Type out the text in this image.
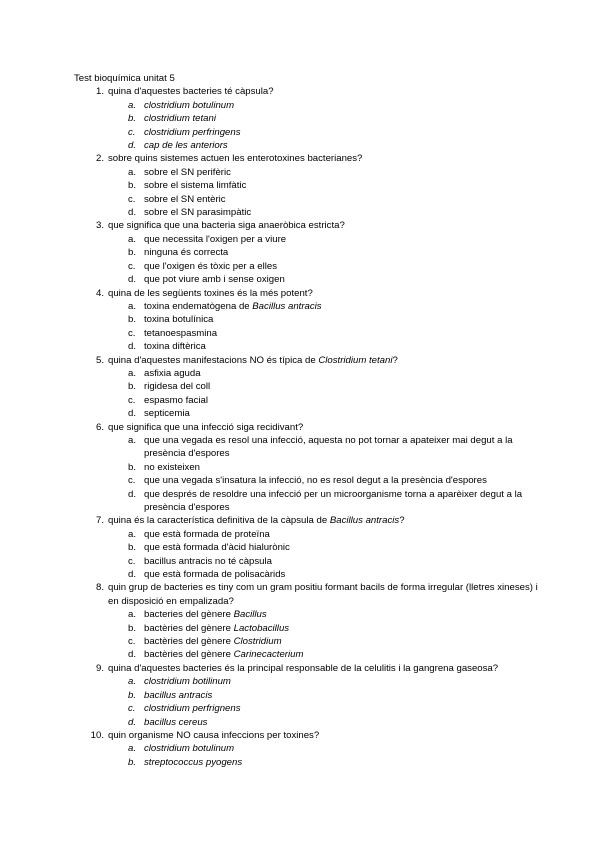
Test bioquímica unitat 5
1. quina d'aquestes bacteries té càpsula?
a. clostridium botulinum
b. clostridium tetani
c. clostridium perfringens
d. cap de les anteriors
2. sobre quins sistemes actuen les enterotoxines bacterianes?
a. sobre el SN perifèric
b. sobre el sistema limfàtic
c. sobre el SN entèric
d. sobre el SN parasimpàtic
3. que significa que una bacteria siga anaeròbica estricta?
a. que necessita l'oxigen per a viure
b. ninguna és correcta
c. que l'oxigen és tòxic per a elles
d. que pot viure amb i sense oxigen
4. quina de les següents toxines és la més potent?
a. toxina endematògena de Bacillus antracis
b. toxina botulínica
c. tetanoespasmina
d. toxina diftèrica
5. quina d'aquestes manifestacions NO és típica de Clostridium tetani?
a. asfixia aguda
b. rigidesa del coll
c. espasmo facial
d. septicemia
6. que significa que una infecció siga recidivant?
a. que una vegada es resol una infecció, aquesta no pot tornar a apateixer mai degut a la presència d'espores
b. no existeixen
c. que una vegada s'insatura la infecció, no es resol degut a la presència d'espores
d. que després de resoldre una infecció per un microorganisme torna a aparèixer degut a la presència d'espores
7. quina és la característica definitiva de la càpsula de Bacillus antracis?
a. que està formada de proteïna
b. que està formada d'àcid hialurònic
c. bacillus antracis no té càpsula
d. que està formada de polisacàrids
8. quin grup de bacteries es tiny com un gram positiu formant bacils de forma irregular (lletres xineses) i en disposició en empalizada?
a. bacteries del gènere Bacillus
b. bactèries del gènere Lactobacillus
c. bactèries del gènere Clostridium
d. bactèries del gènere Carinecacterium
9. quina d'aquestes bacteries és la principal responsable de la celulitis i la gangrena gaseosa?
a. clostridium botilinum
b. bacillus antracis
c. clostridium perfrignens
d. bacillus cereus
10. quin organisme NO causa infeccions per toxines?
a. clostridium botulinum
b. streptococcus pyogens
